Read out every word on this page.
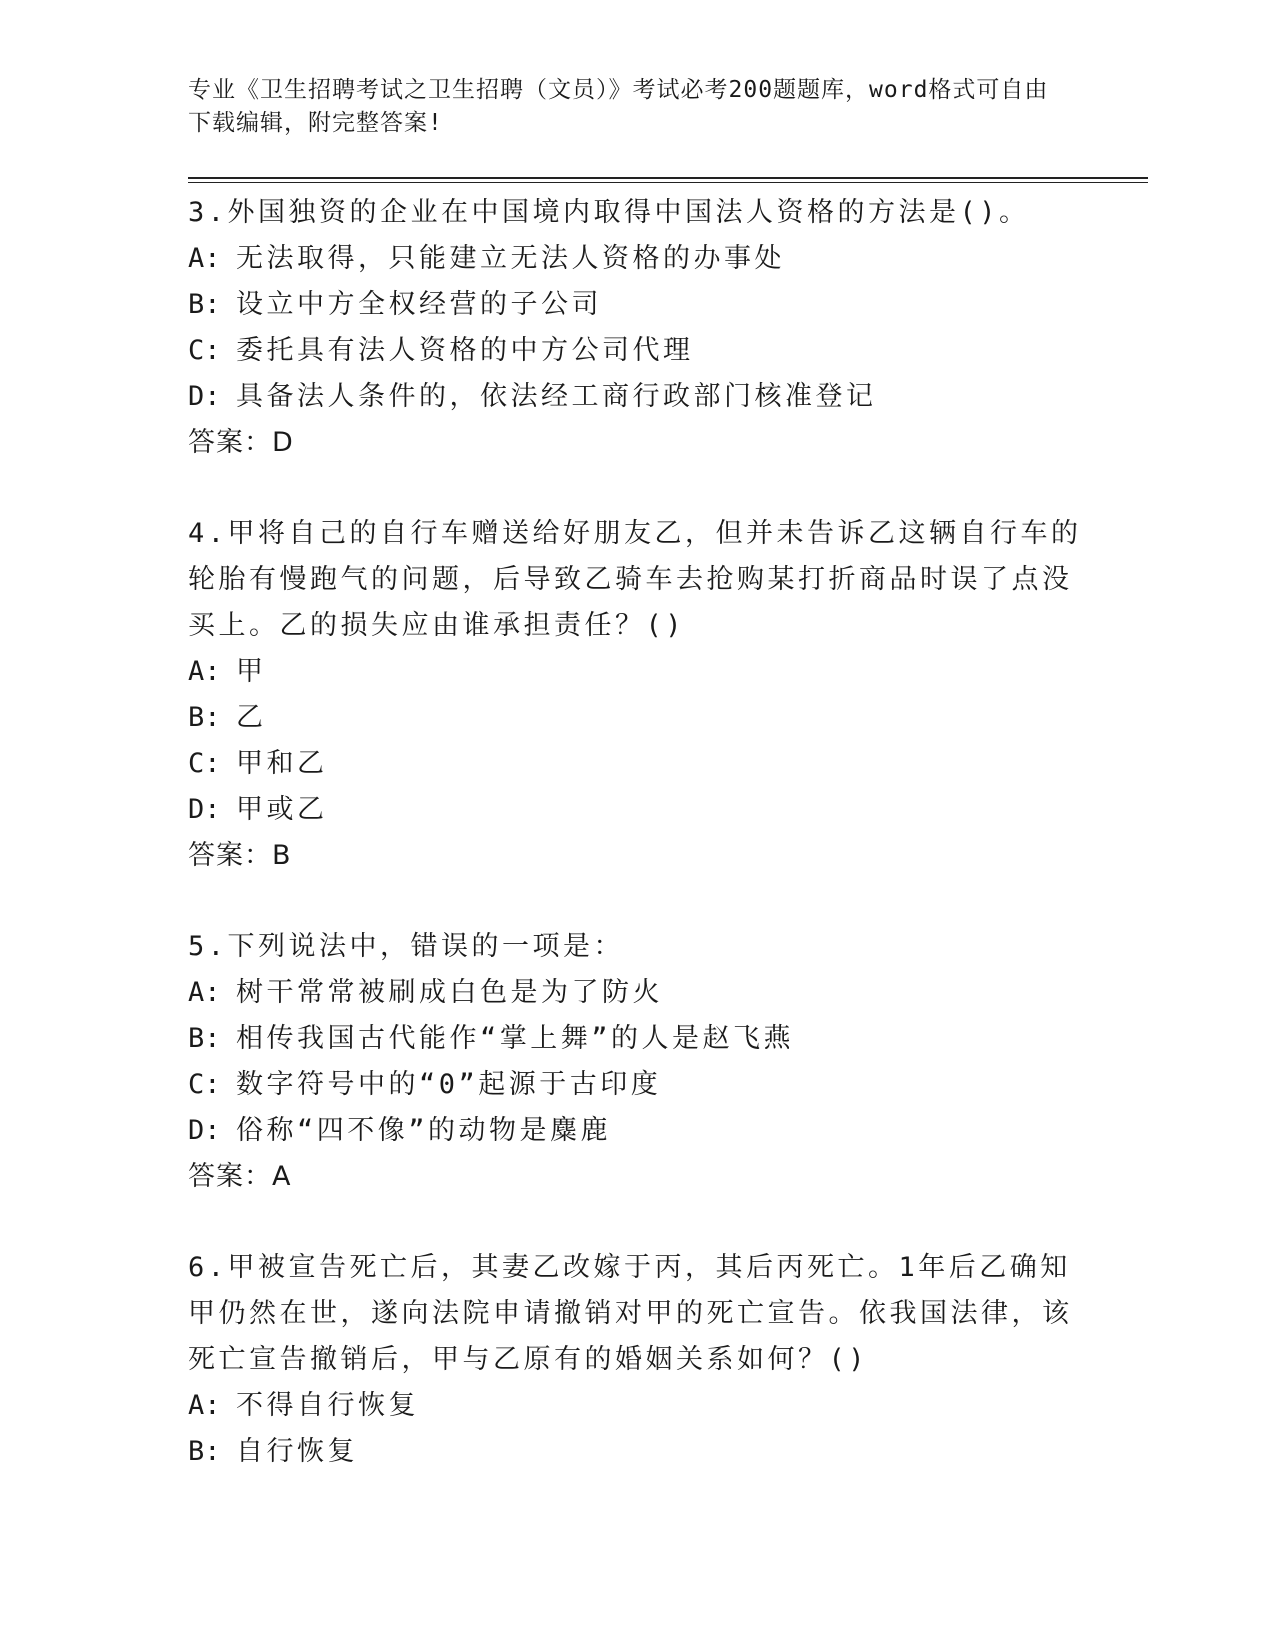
专业《卫生招聘考试之卫生招聘（文员）》考试必考200题题库，word格式可自由下载编辑，附完整答案!
3.外国独资的企业在中国境内取得中国法人资格的方法是()。
A: 无法取得，只能建立无法人资格的办事处
B: 设立中方全权经营的子公司
C: 委托具有法人资格的中方公司代理
D: 具备法人条件的，依法经工商行政部门核准登记
答案：D
4.甲将自己的自行车赠送给好朋友乙，但并未告诉乙这辆自行车的轮胎有慢跑气的问题，后导致乙骑车去抢购某打折商品时误了点没买上。乙的损失应由谁承担责任？()
A: 甲
B: 乙
C: 甲和乙
D: 甲或乙
答案：B
5.下列说法中，错误的一项是：
A: 树干常常被刷成白色是为了防火
B: 相传我国古代能作“掌上舞”的人是赵飞燕
C: 数字符号中的“0”起源于古印度
D: 俗称“四不像”的动物是麋鹿
答案：A
6.甲被宣告死亡后，其妻乙改嫁于丙，其后丙死亡。1年后乙确知甲仍然在世，遂向法院申请撤销对甲的死亡宣告。依我国法律，该死亡宣告撤销后，甲与乙原有的婚姻关系如何？()
A: 不得自行恢复
B: 自行恢复
